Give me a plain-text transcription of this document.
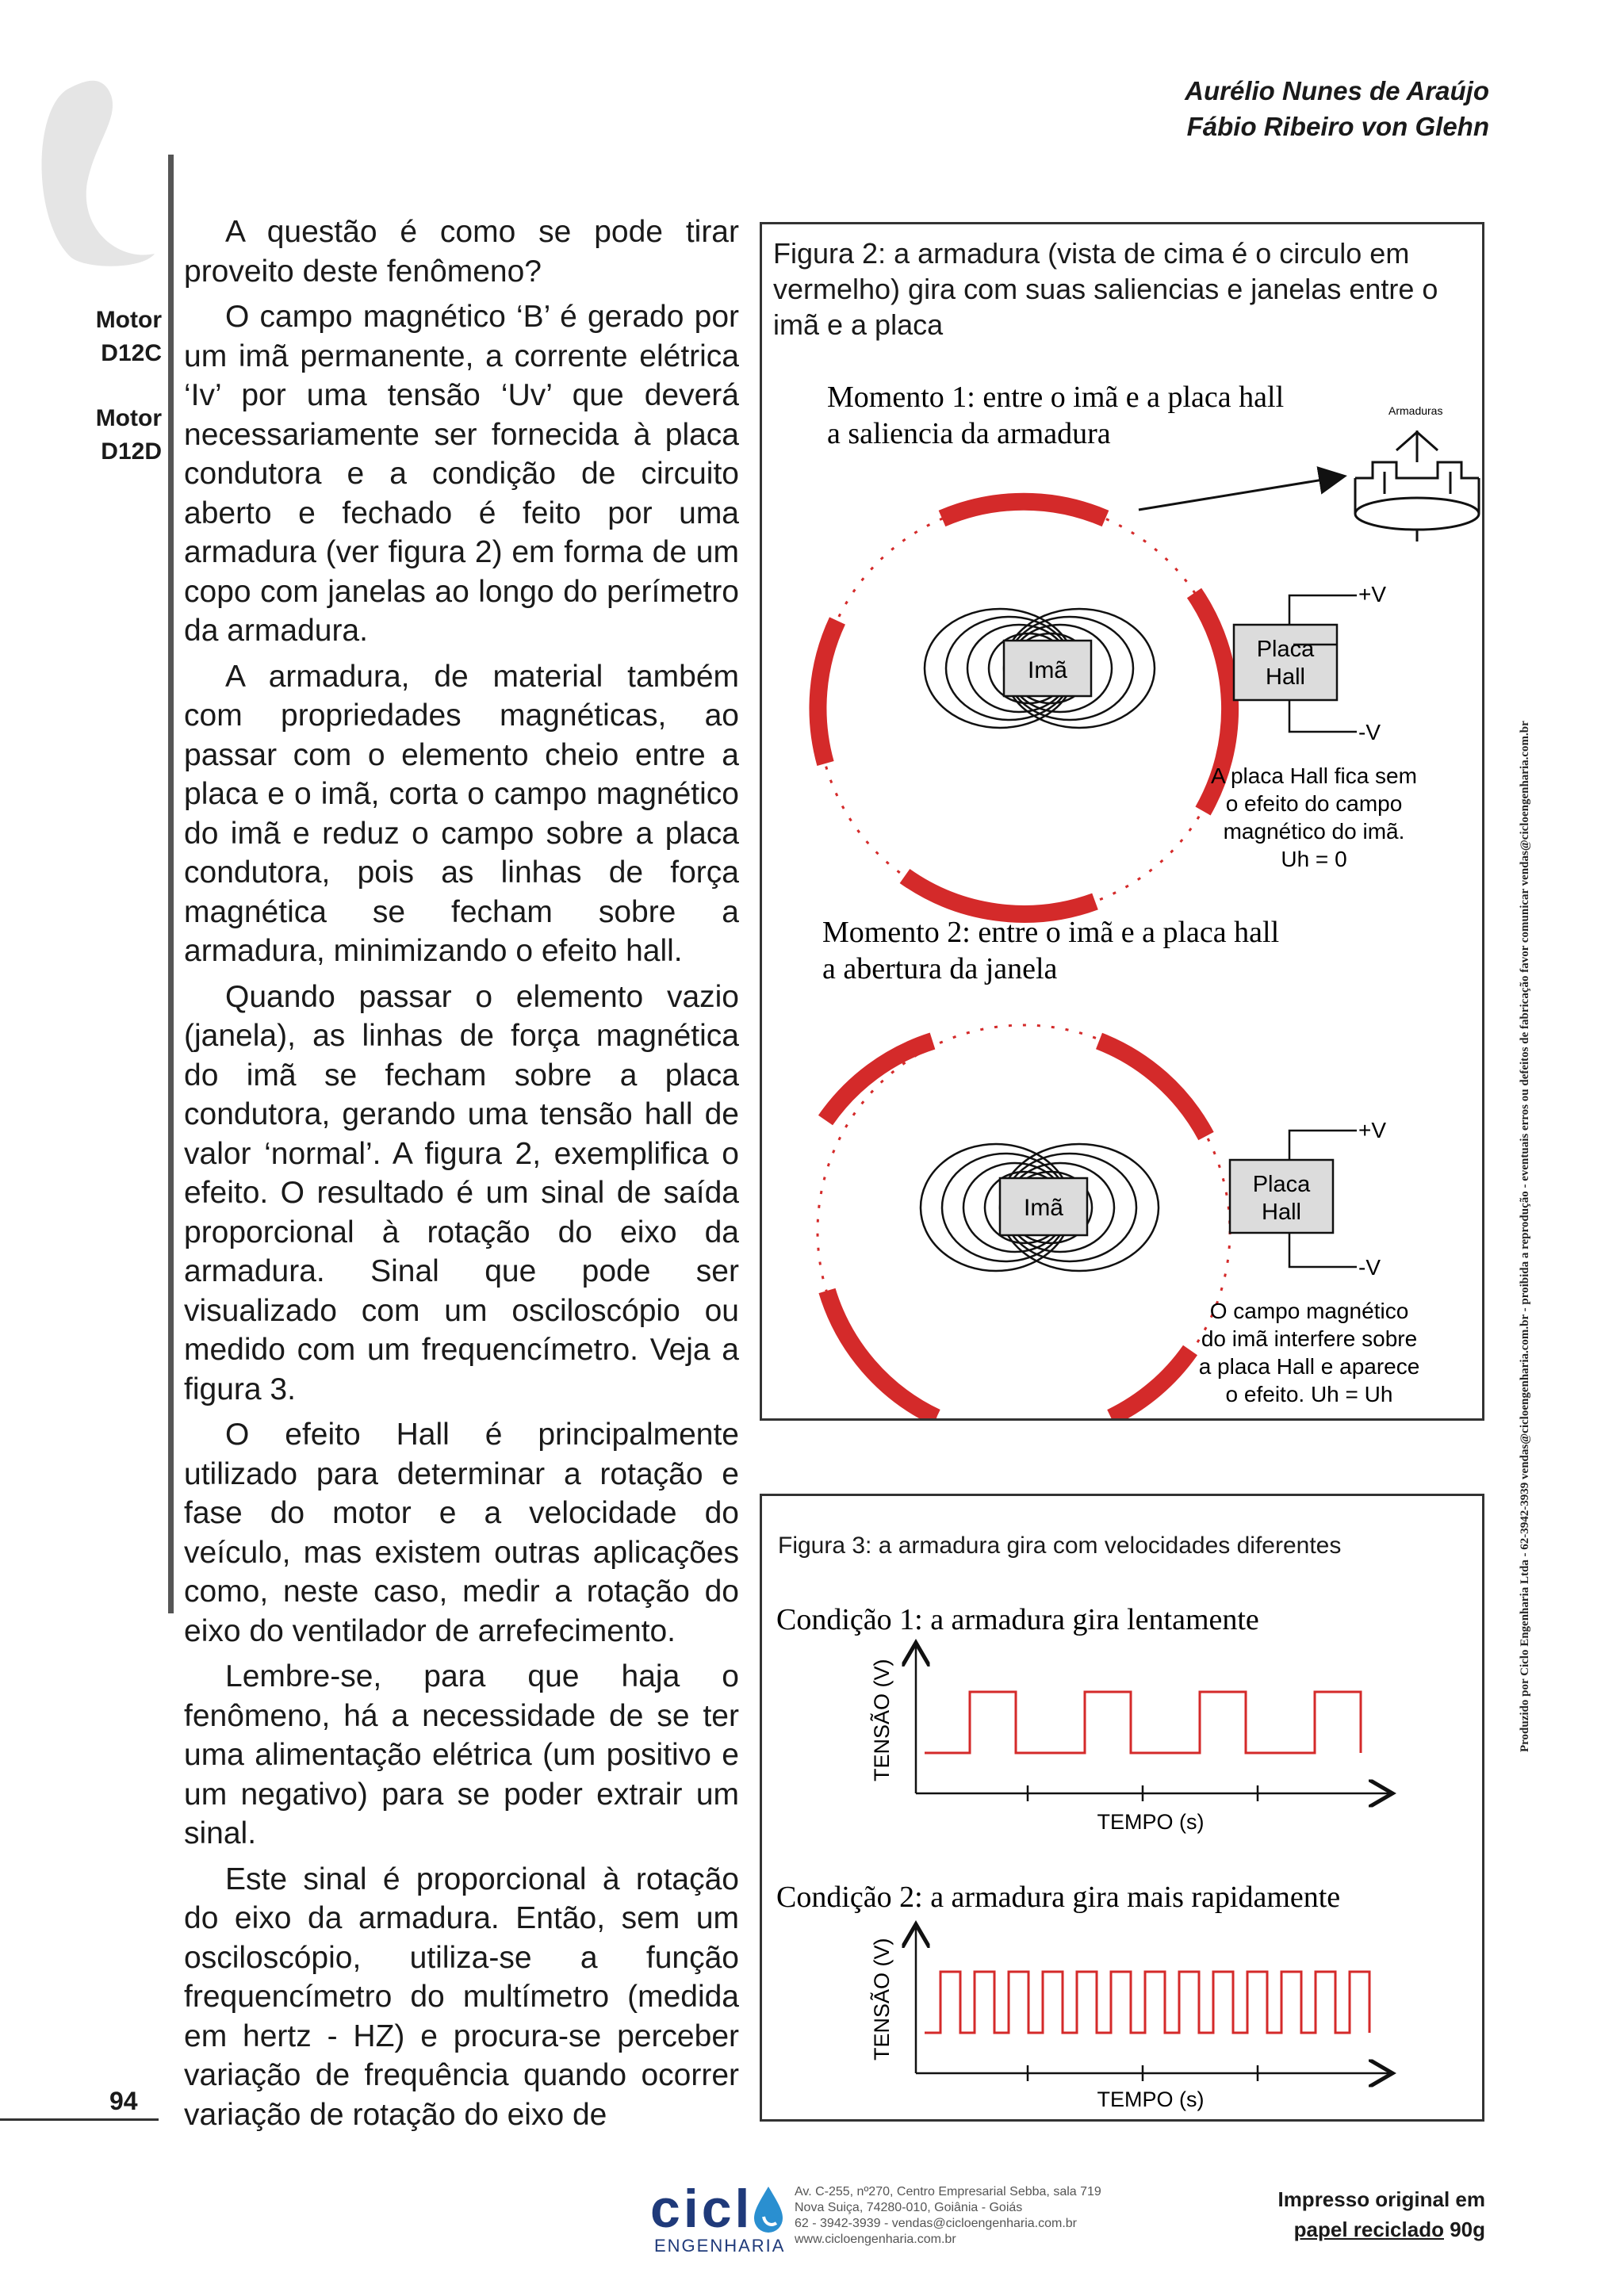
Aurélio Nunes de Araújo
Fábio Ribeiro von Glehn
Motor
D12C
Motor
D12D

A questão é como se pode tirar proveito deste fenômeno?

O campo magnético ‘B’ é gerado por um imã permanente, a corrente elétrica ‘Iv’ por uma tensão ‘Uv’ que deverá necessariamente ser fornecida à placa condutora e a condição de circuito aberto e fechado é feito por uma armadura (ver figura 2) em forma de um copo com janelas ao longo do perímetro da armadura.

A armadura, de material também com propriedades magnéticas, ao passar com o elemento cheio entre a placa e o imã, corta o campo magnético do imã e reduz o campo sobre a placa condutora, pois as linhas de força magnética se fecham sobre a armadura, minimizando o efeito hall.

Quando passar o elemento vazio (janela), as linhas de força magnética do imã se fecham sobre a placa condutora, gerando uma tensão hall de valor ‘normal’. A figura 2, exemplifica o efeito. O resultado é um sinal de saída proporcional à rotação do eixo da armadura. Sinal que pode ser visualizado com um osciloscópio ou medido com um frequencímetro. Veja a figura 3.

O efeito Hall é principalmente utilizado para determinar a rotação e fase do motor e a velocidade do veículo, mas existem outras aplicações como, neste caso, medir a rotação do eixo do ventilador de arrefecimento.

Lembre-se, para que haja o fenômeno, há a necessidade de se ter uma alimentação elétrica (um positivo e um negativo) para se poder extrair um sinal.

Este sinal é proporcional à rotação do eixo da armadura. Então, sem um osciloscópio, utiliza-se a função frequencímetro do multímetro (medida em hertz - HZ) e procura-se perceber variação de frequência quando ocorrer variação de rotação do eixo de

Figura 2: a armadura (vista de cima é o circulo em vermelho) gira com suas saliencias e janelas entre o imã e a placa
Momento 1: entre o imã e a placa hall
a saliencia da armadura
Armaduras
Imã
Placa
Hall
+V
-V
A placa Hall fica sem
o efeito do campo
magnético do imã.
Uh = 0
Momento 2: entre o imã e a placa hall
a abertura da janela
Imã
Placa
Hall
+V
-V
O campo magnético
do imã interfere sobre
a placa Hall e aparece
o efeito. Uh = Uh
Figura 3: a armadura gira com velocidades diferentes
Condição 1: a armadura gira lentamente
TENSÃO (V)
TEMPO (s)
Condição 2: a armadura gira mais rapidamente
TENSÃO (V)
TEMPO (s)
Produzido por Ciclo Engenharia Ltda - 62-3942-3939 vendas@cicloengenharia.com.br - proibida a reprodução - eventuais erros ou defeitos de fabricação favor comunicar vendas@cicloengenharia.com.br
94
cicl
ENGENHARIA
Av. C-255, nº270, Centro Empresarial Sebba, sala 719
Nova Suiça, 74280-010, Goiânia - Goiás
62 - 3942-3939 - vendas@cicloengenharia.com.br
www.cicloengenharia.com.br
Impresso original em
papel reciclado 90g
